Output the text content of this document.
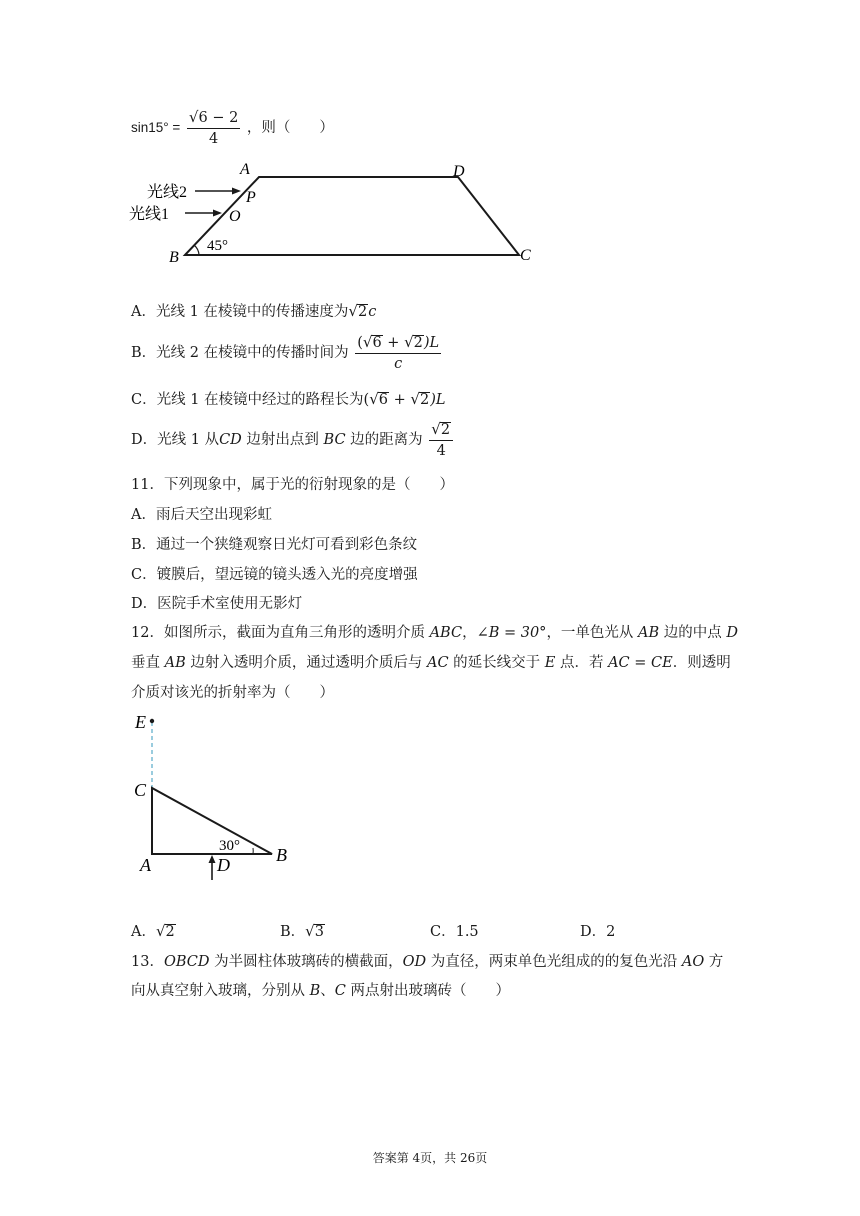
$\sin 15^\circ = \frac{√6 - 2}{4}$ ，则（　　）
A	D
B	C
P
O
光线2
光线1
45°
A．光线 1 在棱镜中的传播速度为√2c
B．光线 2 在棱镜中的传播时间为 $\frac{(√6 + √2)L}{c}$
C．光线 1 在棱镜中经过的路程长为(√6 + √2)L
D．光线 1 从CD 边射出点到 BC 边的距离为 $\frac{√2}{4}$
11．下列现象中，属于光的衍射现象的是（　　）
A．雨后天空出现彩虹
B．通过一个狭缝观察日光灯可看到彩色条纹
C．镀膜后，望远镜的镜头透入光的亮度增强
D．医院手术室使用无影灯
12．如图所示，截面为直角三角形的透明介质 ABC，∠B = 30°，一单色光从 AB 边的中点 D
垂直 AB 边射入透明介质，通过透明介质后与 AC 的延长线交于 E 点．若 AC = CE．则透明
介质对该光的折射率为（　　）
E
C
A	B
D
30°
A．√2	B．√3	C．1.5	D．2
13．OBCD 为半圆柱体玻璃砖的横截面，OD 为直径，两束单色光组成的的复色光沿 AO 方
向从真空射入玻璃，分别从 B、C 两点射出玻璃砖（　　）
答案第 4页，共 26页
